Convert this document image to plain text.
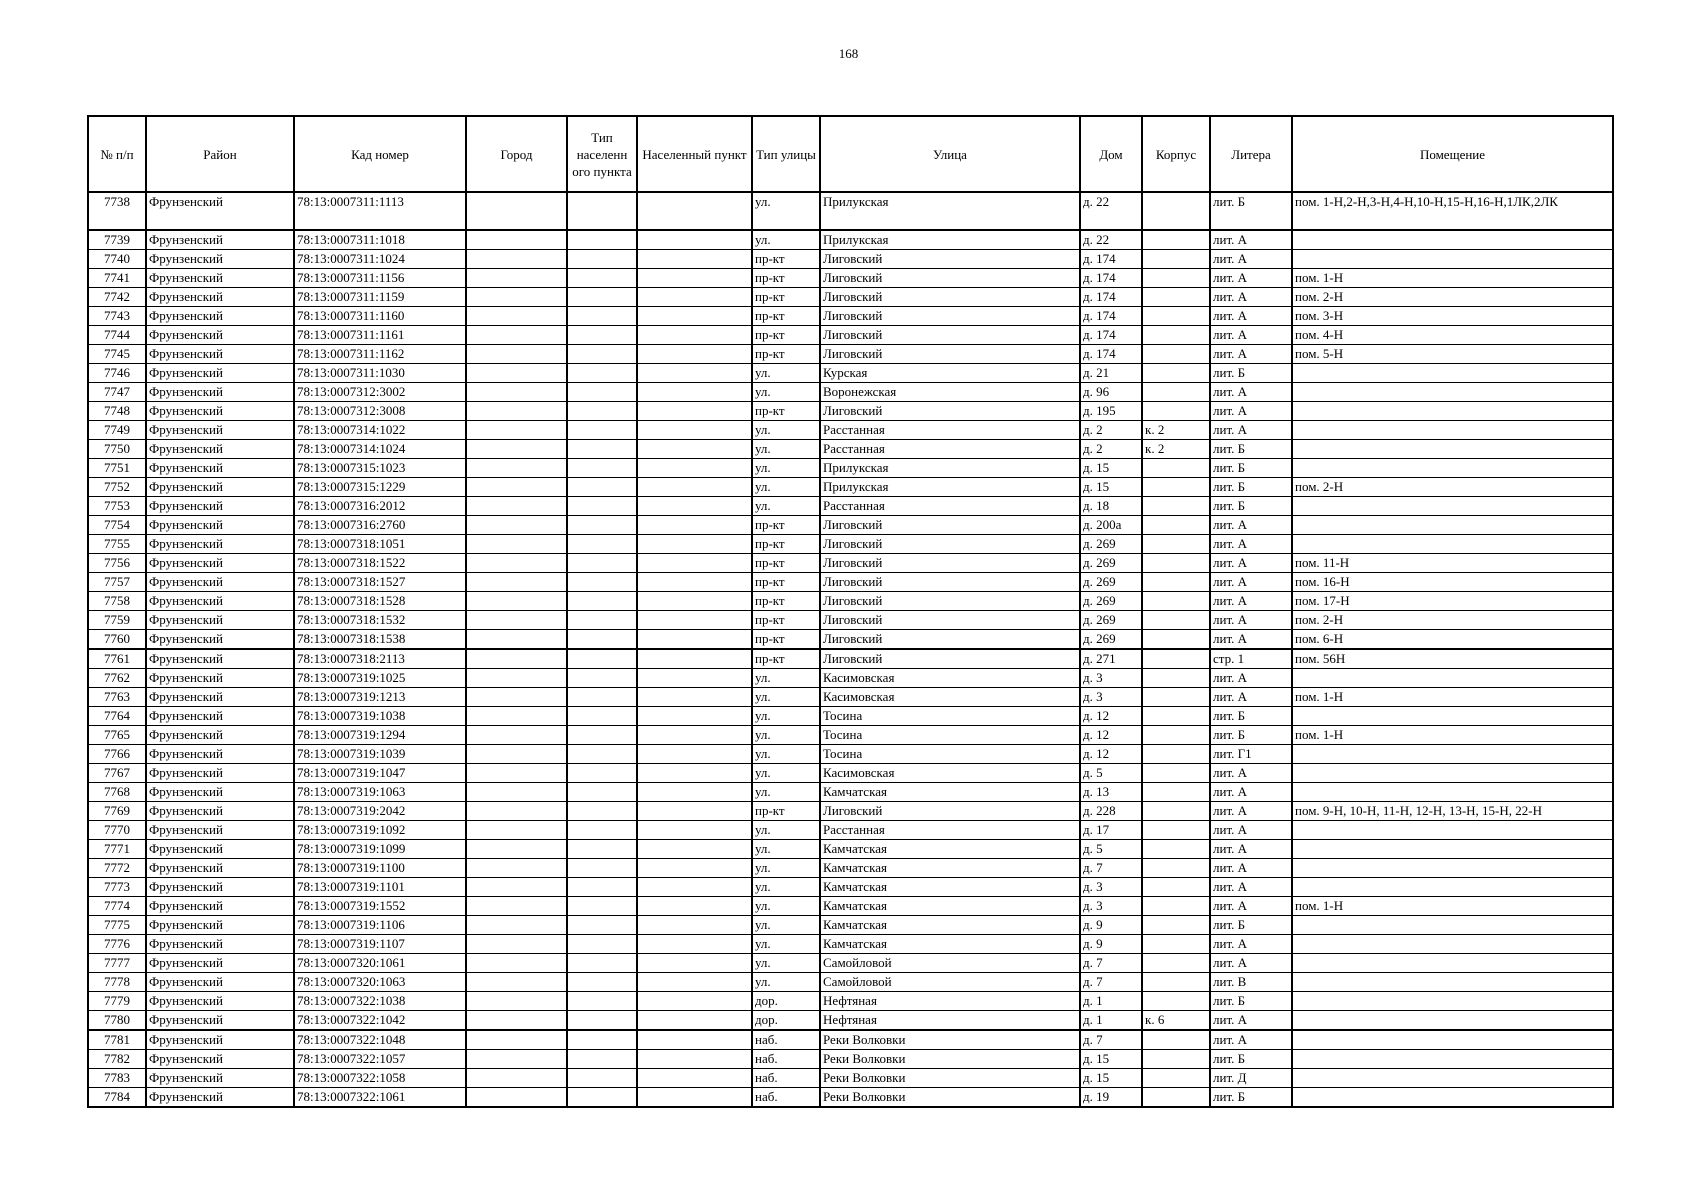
168
№ п/п	Район	Кад номер	Город	Тип населенн ого пункта	Населенный пункт	Тип улицы	Улица	Дом	Корпус	Литера	Помещение
7738	Фрунзенский	78:13:0007311:1113				ул.	Прилукская	д. 22		лит. Б	пом. 1-Н,2-Н,3-Н,4-Н,10-Н,15-Н,16-Н,1ЛК,2ЛК
7739	Фрунзенский	78:13:0007311:1018				ул.	Прилукская	д. 22		лит. А	
7740	Фрунзенский	78:13:0007311:1024				пр-кт	Лиговский	д. 174		лит. А	
7741	Фрунзенский	78:13:0007311:1156				пр-кт	Лиговский	д. 174		лит. А	пом. 1-Н
7742	Фрунзенский	78:13:0007311:1159				пр-кт	Лиговский	д. 174		лит. А	пом. 2-Н
7743	Фрунзенский	78:13:0007311:1160				пр-кт	Лиговский	д. 174		лит. А	пом. 3-Н
7744	Фрунзенский	78:13:0007311:1161				пр-кт	Лиговский	д. 174		лит. А	пом. 4-Н
7745	Фрунзенский	78:13:0007311:1162				пр-кт	Лиговский	д. 174		лит. А	пом. 5-Н
7746	Фрунзенский	78:13:0007311:1030				ул.	Курская	д. 21		лит. Б	
7747	Фрунзенский	78:13:0007312:3002				ул.	Воронежская	д. 96		лит. А	
7748	Фрунзенский	78:13:0007312:3008				пр-кт	Лиговский	д. 195		лит. А	
7749	Фрунзенский	78:13:0007314:1022				ул.	Расстанная	д. 2	к. 2	лит. А	
7750	Фрунзенский	78:13:0007314:1024				ул.	Расстанная	д. 2	к. 2	лит. Б	
7751	Фрунзенский	78:13:0007315:1023				ул.	Прилукская	д. 15		лит. Б	
7752	Фрунзенский	78:13:0007315:1229				ул.	Прилукская	д. 15		лит. Б	пом. 2-Н
7753	Фрунзенский	78:13:0007316:2012				ул.	Расстанная	д. 18		лит. Б	
7754	Фрунзенский	78:13:0007316:2760				пр-кт	Лиговский	д. 200а		лит. А	
7755	Фрунзенский	78:13:0007318:1051				пр-кт	Лиговский	д. 269		лит. А	
7756	Фрунзенский	78:13:0007318:1522				пр-кт	Лиговский	д. 269		лит. А	пом. 11-Н
7757	Фрунзенский	78:13:0007318:1527				пр-кт	Лиговский	д. 269		лит. А	пом. 16-Н
7758	Фрунзенский	78:13:0007318:1528				пр-кт	Лиговский	д. 269		лит. А	пом. 17-Н
7759	Фрунзенский	78:13:0007318:1532				пр-кт	Лиговский	д. 269		лит. А	пом. 2-Н
7760	Фрунзенский	78:13:0007318:1538				пр-кт	Лиговский	д. 269		лит. А	пом. 6-Н
7761	Фрунзенский	78:13:0007318:2113				пр-кт	Лиговский	д. 271		стр. 1	пом. 56Н
7762	Фрунзенский	78:13:0007319:1025				ул.	Касимовская	д. 3		лит. А	
7763	Фрунзенский	78:13:0007319:1213				ул.	Касимовская	д. 3		лит. А	пом. 1-Н
7764	Фрунзенский	78:13:0007319:1038				ул.	Тосина	д. 12		лит. Б	
7765	Фрунзенский	78:13:0007319:1294				ул.	Тосина	д. 12		лит. Б	пом. 1-Н
7766	Фрунзенский	78:13:0007319:1039				ул.	Тосина	д. 12		лит. Г1	
7767	Фрунзенский	78:13:0007319:1047				ул.	Касимовская	д. 5		лит. А	
7768	Фрунзенский	78:13:0007319:1063				ул.	Камчатская	д. 13		лит. А	
7769	Фрунзенский	78:13:0007319:2042				пр-кт	Лиговский	д. 228		лит. А	пом. 9-Н, 10-Н, 11-Н, 12-Н, 13-Н, 15-Н, 22-Н
7770	Фрунзенский	78:13:0007319:1092				ул.	Расстанная	д. 17		лит. А	
7771	Фрунзенский	78:13:0007319:1099				ул.	Камчатская	д. 5		лит. А	
7772	Фрунзенский	78:13:0007319:1100				ул.	Камчатская	д. 7		лит. А	
7773	Фрунзенский	78:13:0007319:1101				ул.	Камчатская	д. 3		лит. А	
7774	Фрунзенский	78:13:0007319:1552				ул.	Камчатская	д. 3		лит. А	пом. 1-Н
7775	Фрунзенский	78:13:0007319:1106				ул.	Камчатская	д. 9		лит. Б	
7776	Фрунзенский	78:13:0007319:1107				ул.	Камчатская	д. 9		лит. А	
7777	Фрунзенский	78:13:0007320:1061				ул.	Самойловой	д. 7		лит. А	
7778	Фрунзенский	78:13:0007320:1063				ул.	Самойловой	д. 7		лит. В	
7779	Фрунзенский	78:13:0007322:1038				дор.	Нефтяная	д. 1		лит. Б	
7780	Фрунзенский	78:13:0007322:1042				дор.	Нефтяная	д. 1	к. 6	лит. А	
7781	Фрунзенский	78:13:0007322:1048				наб.	Реки Волковки	д. 7		лит. А	
7782	Фрунзенский	78:13:0007322:1057				наб.	Реки Волковки	д. 15		лит. Б	
7783	Фрунзенский	78:13:0007322:1058				наб.	Реки Волковки	д. 15		лит. Д	
7784	Фрунзенский	78:13:0007322:1061				наб.	Реки Волковки	д. 19		лит. Б	
